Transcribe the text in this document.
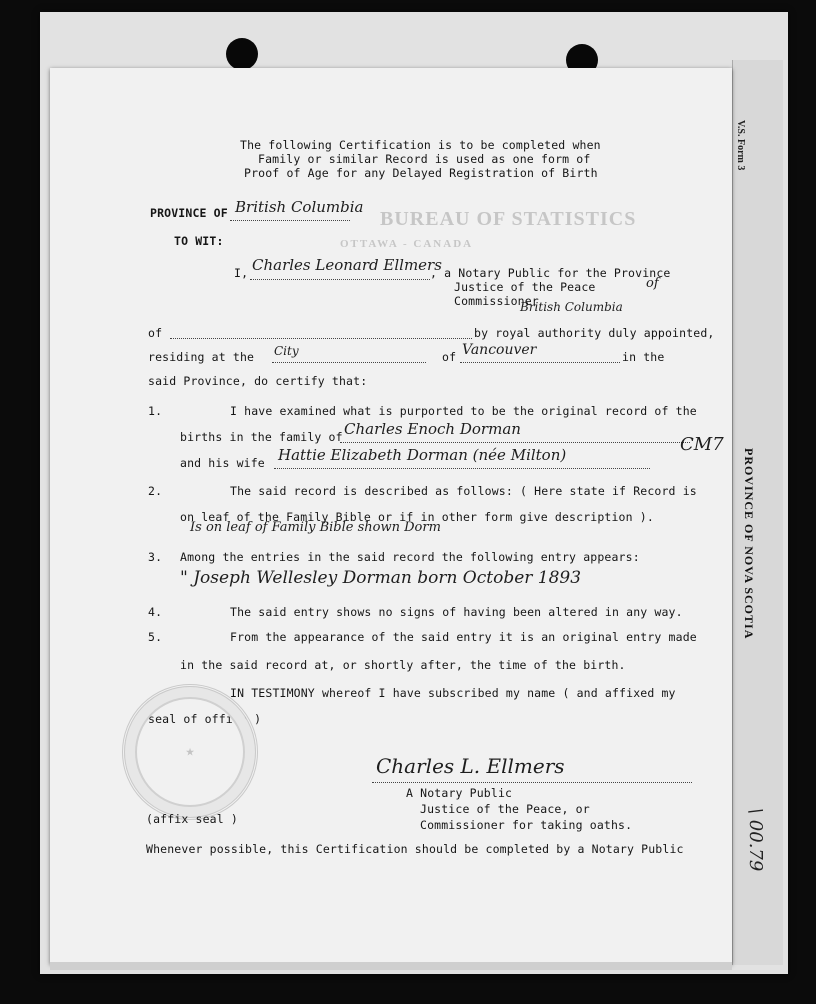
V.S. Form 3
PROVINCE OF NOVA SCOTIA
\ 00.79
BUREAU OF STATISTICS
OTTAWA - CANADA
The following Certification is to be completed when
Family or similar Record is used as one form of
Proof of Age for any Delayed Registration of Birth
PROVINCE OF British Columbia
TO WIT:
I, Charles Leonard Ellmers
, a Notary Public for the Province
Justice of the Peace
Commissioner
of
British Columbia
of	by royal authority duly appointed,
residing at the City	of Vancouver	in the
said Province, do certify that:
1.	I have examined what is purported to be the original record of the
births in the family of Charles Enoch Dorman
and his wife Hattie Elizabeth Dorman (née Milton)	CM7
2.	The said record is described as follows: ( Here state if Record is
on leaf of the Family Bible or if in other form give description ).
Is on leaf of Family Bible shown Dorm
3. Among the entries in the said record the following entry appears:
" Joseph Wellesley Dorman born October 1893
4.	The said entry shows no signs of having been altered in any way.
5.	From the appearance of the said entry it is an original entry made
in the said record at, or shortly after, the time of the birth.
IN TESTIMONY whereof I have subscribed my name ( and affixed my
seal of office )
★
Charles L. Ellmers
A Notary Public
Justice of the Peace, or
Commissioner for taking oaths.
(affix seal )
Whenever possible, this Certification should be completed by a Notary Public
